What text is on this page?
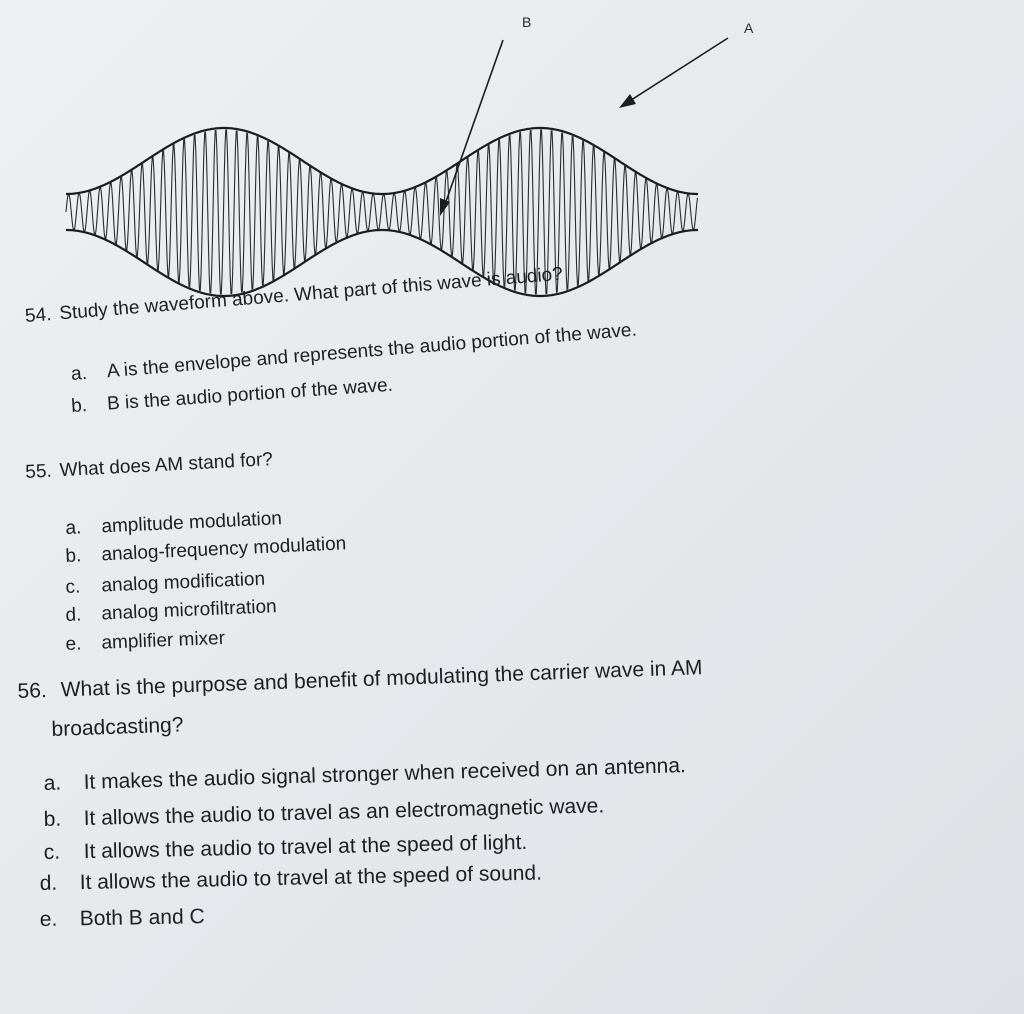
B	A
54. Study the waveform above. What part of this wave is audio?
a. A is the envelope and represents the audio portion of the wave.
b. B is the audio portion of the wave.
55. What does AM stand for?
a. amplitude modulation
b. analog-frequency modulation
c. analog modification
d. analog microfiltration
e. amplifier mixer
56. What is the purpose and benefit of modulating the carrier wave in AM
broadcasting?
a. It makes the audio signal stronger when received on an antenna.
b. It allows the audio to travel as an electromagnetic wave.
c. It allows the audio to travel at the speed of light.
d. It allows the audio to travel at the speed of sound.
e. Both B and C
